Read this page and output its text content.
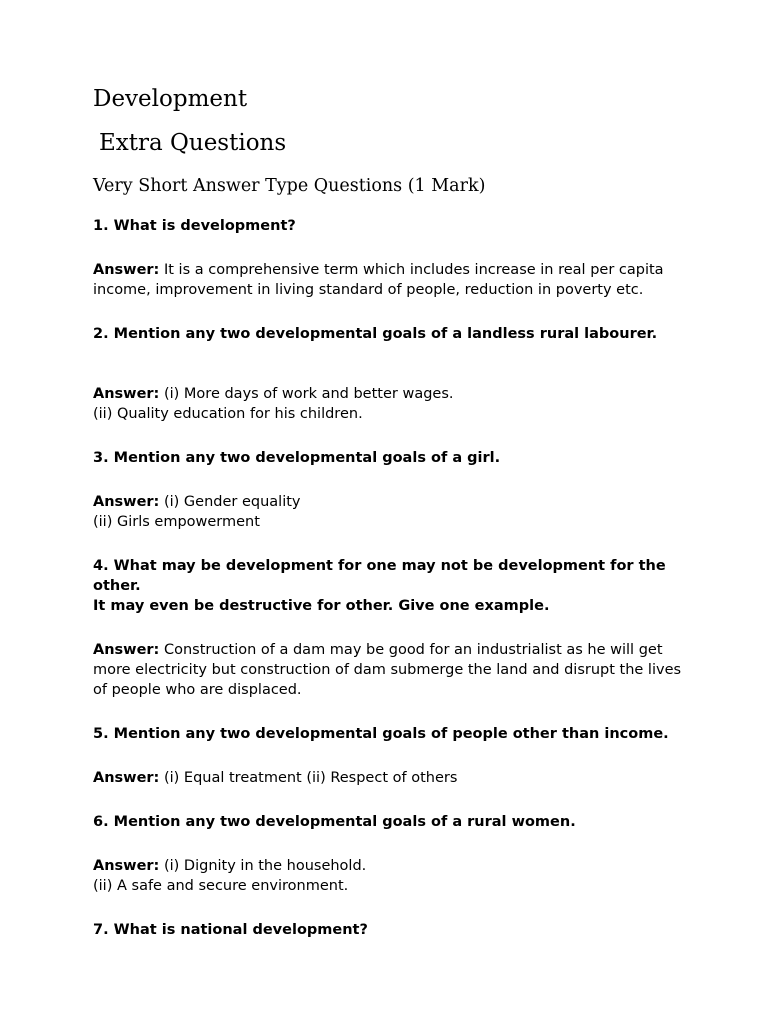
Development
Extra Questions
Very Short Answer Type Questions (1 Mark)

1. What is development?

Answer: It is a comprehensive term which includes increase in real per capita
income, improvement in living standard of people, reduction in poverty etc.

2. Mention any two developmental goals of a landless rural labourer.

Answer: (i) More days of work and better wages.
(ii) Quality education for his children.

3. Mention any two developmental goals of a girl.

Answer: (i) Gender equality
(ii) Girls empowerment

4. What may be development for one may not be development for the other.
It may even be destructive for other. Give one example.

Answer: Construction of a dam may be good for an industrialist as he will get
more electricity but construction of dam submerge the land and disrupt the lives
of people who are displaced.

5. Mention any two developmental goals of people other than income.

Answer: (i) Equal treatment (ii) Respect of others

6. Mention any two developmental goals of a rural women.

Answer: (i) Dignity in the household.
(ii) A safe and secure environment.

7. What is national development?
